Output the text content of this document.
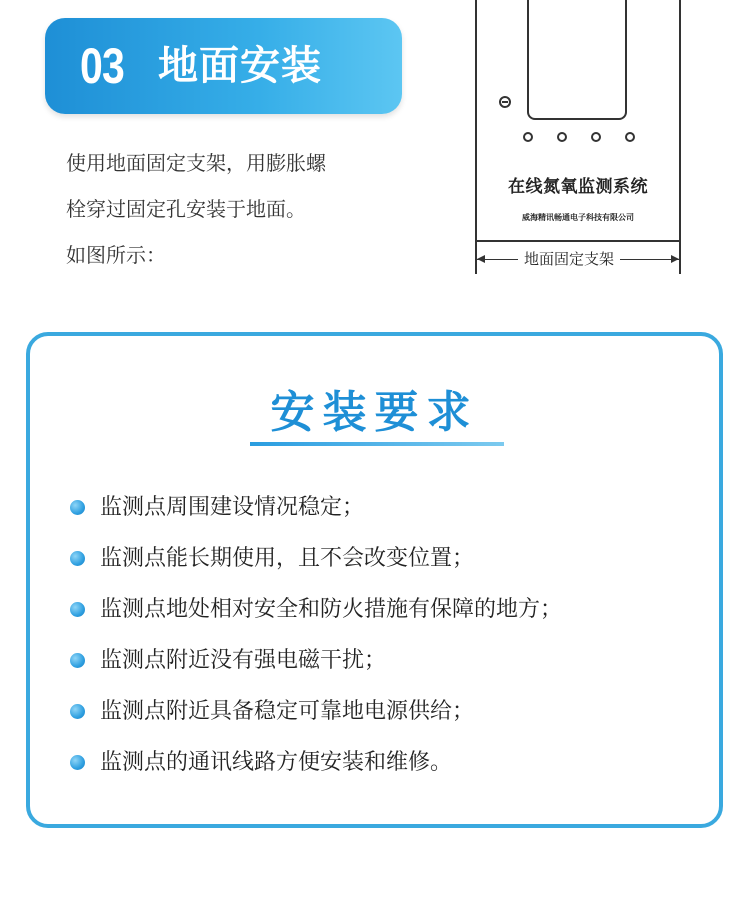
03 地面安装
使用地面固定支架，用膨胀螺
栓穿过固定孔安装于地面。
如图所示：
在线氮氧监测系统
威海精讯畅通电子科技有限公司
地面固定支架
安装要求
监测点周围建设情况稳定；
监测点能长期使用，且不会改变位置；
监测点地处相对安全和防火措施有保障的地方；
监测点附近没有强电磁干扰；
监测点附近具备稳定可靠地电源供给；
监测点的通讯线路方便安装和维修。
